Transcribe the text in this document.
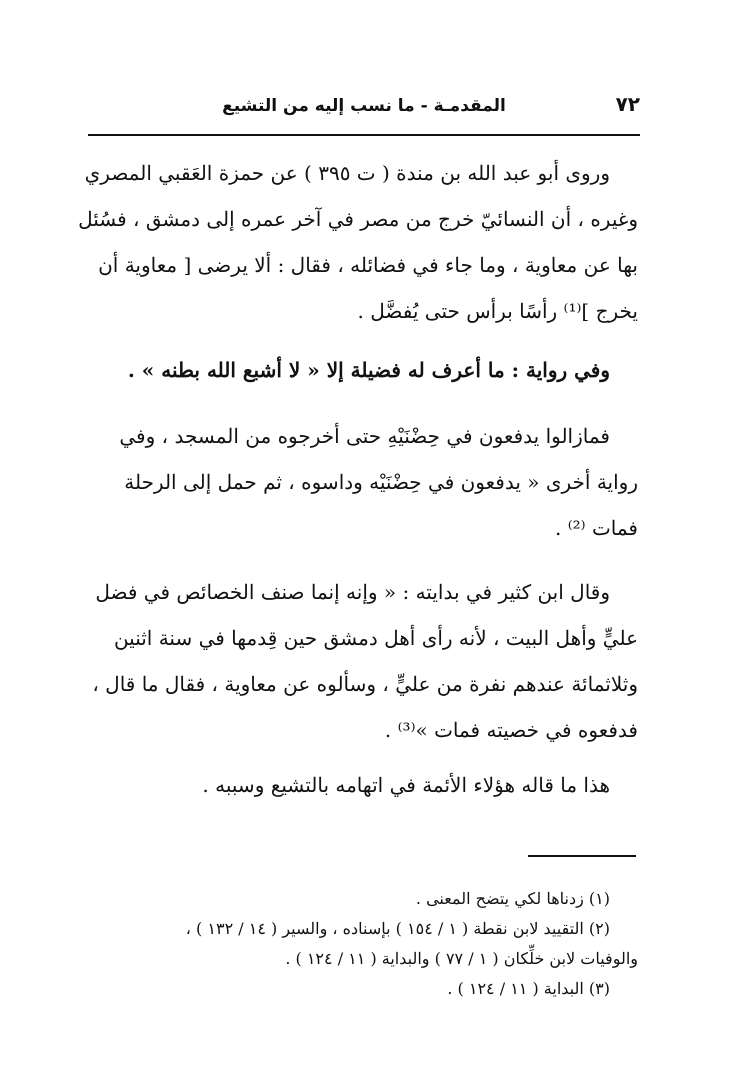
٧٢
المقدمـة - ما نسب إليه من التشيع
وروى أبو عبد الله بن مندة ( ت ٣٩٥ ) عن حمزة العَقبي المصري
وغيره ، أن النسائيّ خرج من مصر في آخر عمره إلى دمشق ، فسُئل
بها عن معاوية ، وما جاء في فضائله ، فقال : ألا يرضى [ معاوية أن
يخرج ]⁽¹⁾ رأسًا برأس حتى يُفضَّل .
وفي رواية : ما أعرف له فضيلة إلا « لا أشبع الله بطنه » .
فمازالوا يدفعون في حِضْنَيْهِ حتى أخرجوه من المسجد ، وفي
رواية أخرى « يدفعون في حِضْنَيْه وداسوه ، ثم حمل إلى الرحلة
فمات ⁽²⁾ .
وقال ابن كثير في بدايته : « وإنه إنما صنف الخصائص في فضل
عليٍّ وأهل البيت ، لأنه رأى أهل دمشق حين قِدمها في سنة اثنين
وثلاثمائة عندهم نفرة من عليٍّ ، وسألوه عن معاوية ، فقال ما قال ،
فدفعوه في خصيته فمات »⁽³⁾ .
هذا ما قاله هؤلاء الأئمة في اتهامه بالتشيع وسببه .
(١) زدناها لكي يتضح المعنى .
(٢) التقييد لابن نقطة ( ١ / ١٥٤ ) بإسناده ، والسير ( ١٤ / ١٣٢ ) ،
والوفيات لابن خلِّكان ( ١ / ٧٧ ) والبداية ( ١١ / ١٢٤ ) .
(٣) البداية ( ١١ / ١٢٤ ) .
